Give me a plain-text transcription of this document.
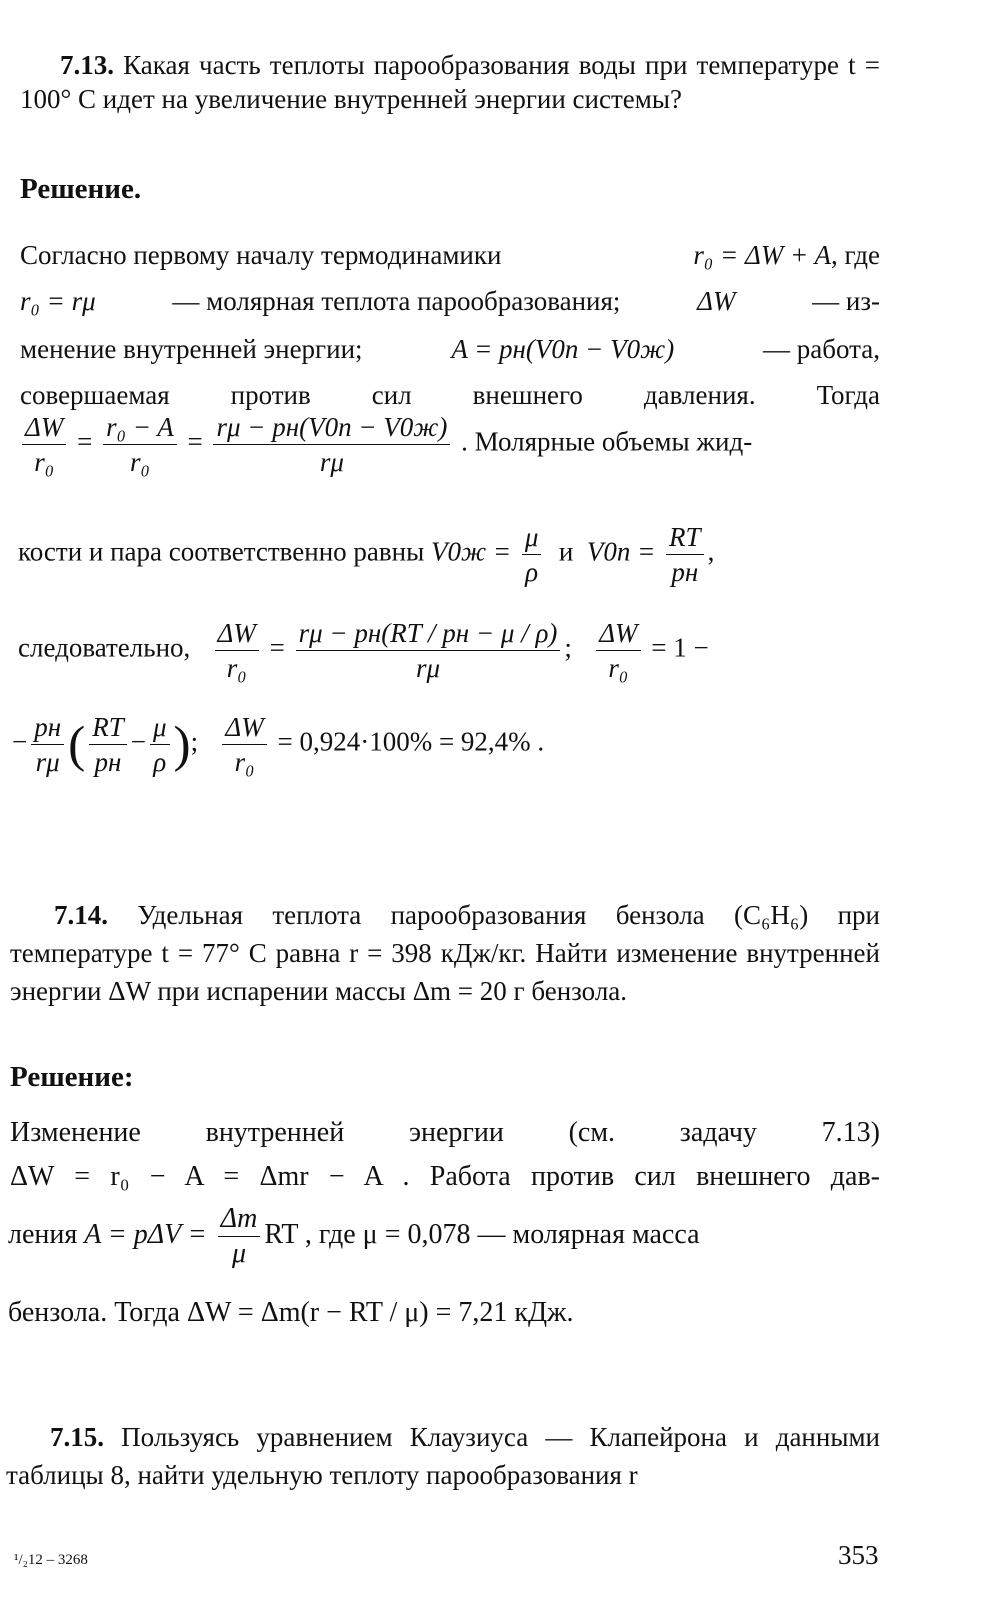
7.13. Какая часть теплоты парообразования воды при температуре t = 100° С идет на увеличение внутренней энергии системы?
Решение.
Согласно первому началу термодинамики	r₀ = ΔW + A, где
r₀ = rμ	— молярная теплота парообразования;	ΔW	— из-
менение внутренней энергии;	A = pн(V0п − V0ж)	— работа,
совершаемая против сил внешнего давления. Тогда
$\frac{\Delta W}{\text{r₀}} = \frac{\text{r₀ − A}}{\text{r₀}} = \frac{r\mu - pн(V0п - V0ж)}{r\mu}$ . Молярные объемы жид-
кости и пара соответственно равны $V0ж = \frac{\mu}{\rho}$ и $V0п = \frac{RT}{pн}$ ,
следовательно, $\frac{\Delta W}{\text{r₀}} = \frac{r\mu - pн(RT / pн - \mu / \rho)}{r\mu}$ ; $\frac{\Delta W}{\text{r₀}} = 1$ −
− $\frac{pн}{r\mu}$ ( $\frac{RT}{pн} - \frac{\mu}{\rho}$ ); $\frac{\Delta W}{\text{r₀}} = 0,924\cdot 100\% = 92,4\%$ .
7.14. Удельная теплота парообразования бензола (C₆H₆) при температуре t = 77° С равна r = 398 кДж/кг. Найти изменение внутренней энергии ΔW при испарении массы Δm = 20 г бензола.
Решение:
Изменение внутренней энергии (см. задачу 7.13)
ΔW = r₀ − A = Δmr − A . Работа против сил внешнего дав-
ления $A = p\Delta V = \frac{\Delta m}{\mu}$ RT , где μ = 0,078 — молярная масса
бензола. Тогда ΔW = Δm(r − RT / μ) = 7,21 кДж.
7.15. Пользуясь уравнением Клаузиуса — Клапейрона и данными таблицы 8, найти удельную теплоту парообразования r
¹/₂12 – 3268	353
